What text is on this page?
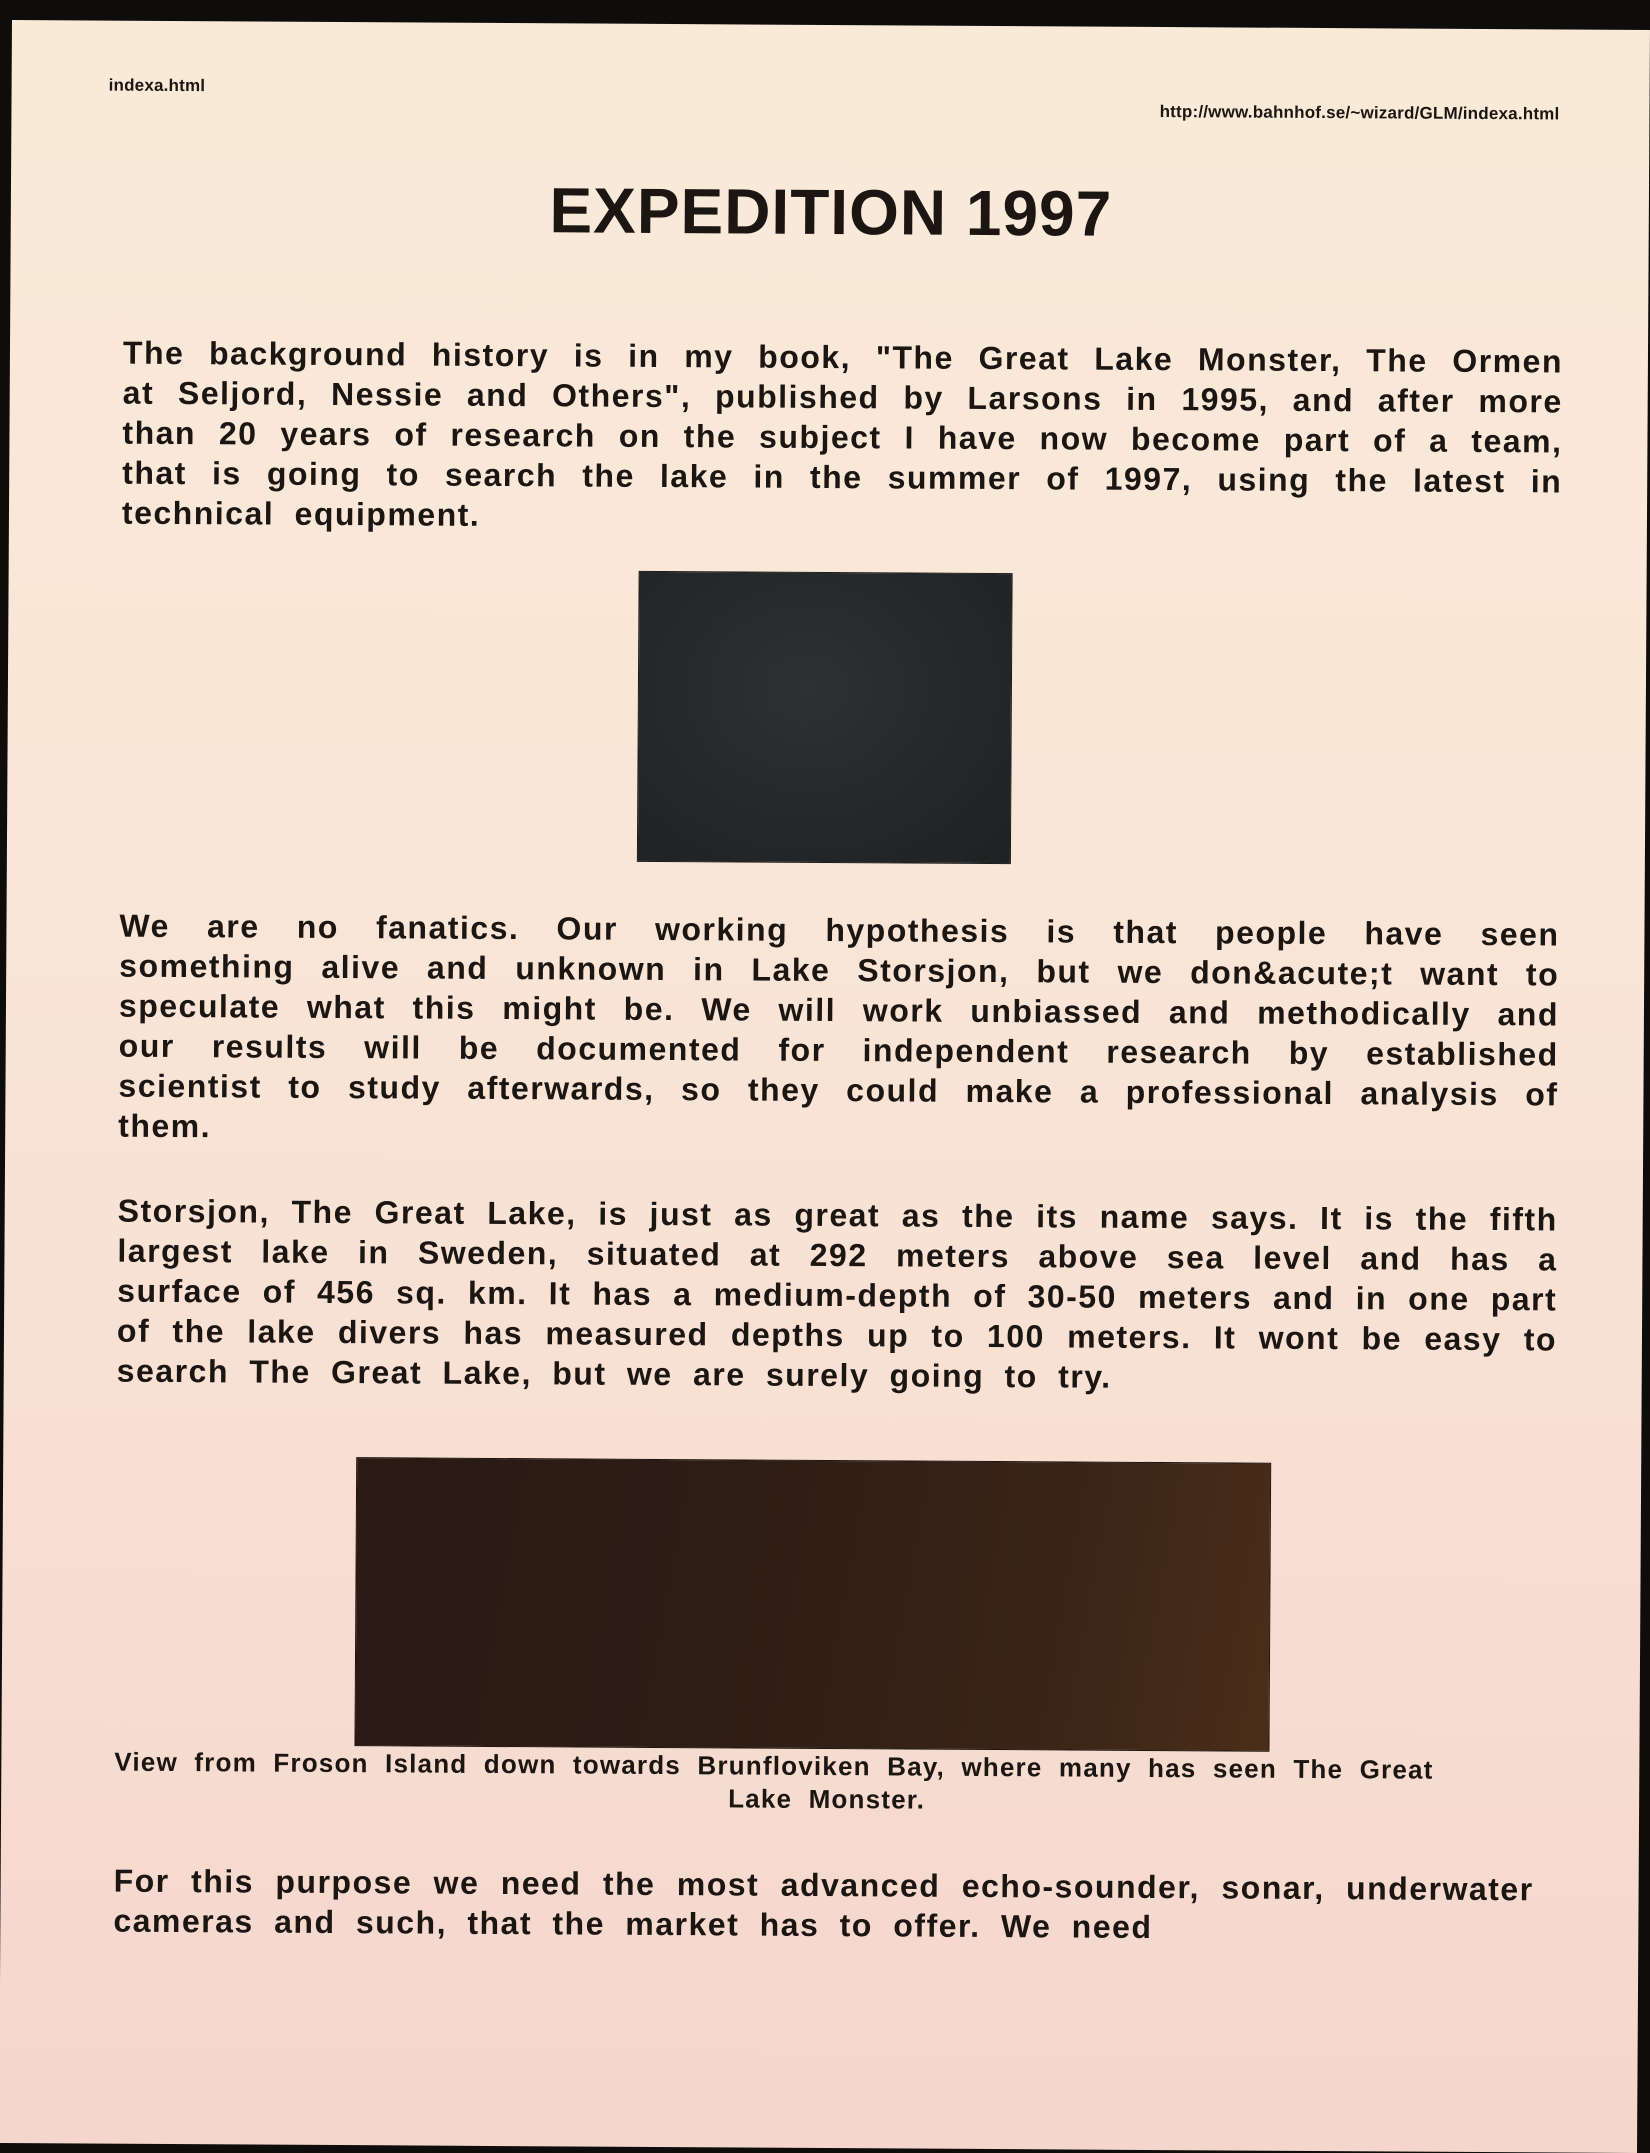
indexa.html
http://www.bahnhof.se/~wizard/GLM/indexa.html
EXPEDITION 1997
The background history is in my book, "The Great Lake Monster, The Ormen at Seljord, Nessie and Others", published by Larsons in 1995, and after more than 20 years of research on the subject I have now become part of a team, that is going to search the lake in the summer of 1997, using the latest in technical equipment.
We are no fanatics. Our working hypothesis is that people have seen something alive and unknown in Lake Storsjon, but we don&acute;t want to speculate what this might be. We will work unbiassed and methodically and our results will be documented for independent research by established scientist to study afterwards, so they could make a professional analysis of them.
Storsjon, The Great Lake, is just as great as the its name says. It is the fifth largest lake in Sweden, situated at 292 meters above sea level and has a surface of 456 sq. km. It has a medium-depth of 30-50 meters and in one part of the lake divers has measured depths up to 100 meters. It wont be easy to search The Great Lake, but we are surely going to try.
View from Froson Island down towards Brunfloviken Bay, where many has seen The Great
Lake Monster.
For this purpose we need the most advanced echo-sounder, sonar, underwater cameras and such, that the market has to offer. We need
